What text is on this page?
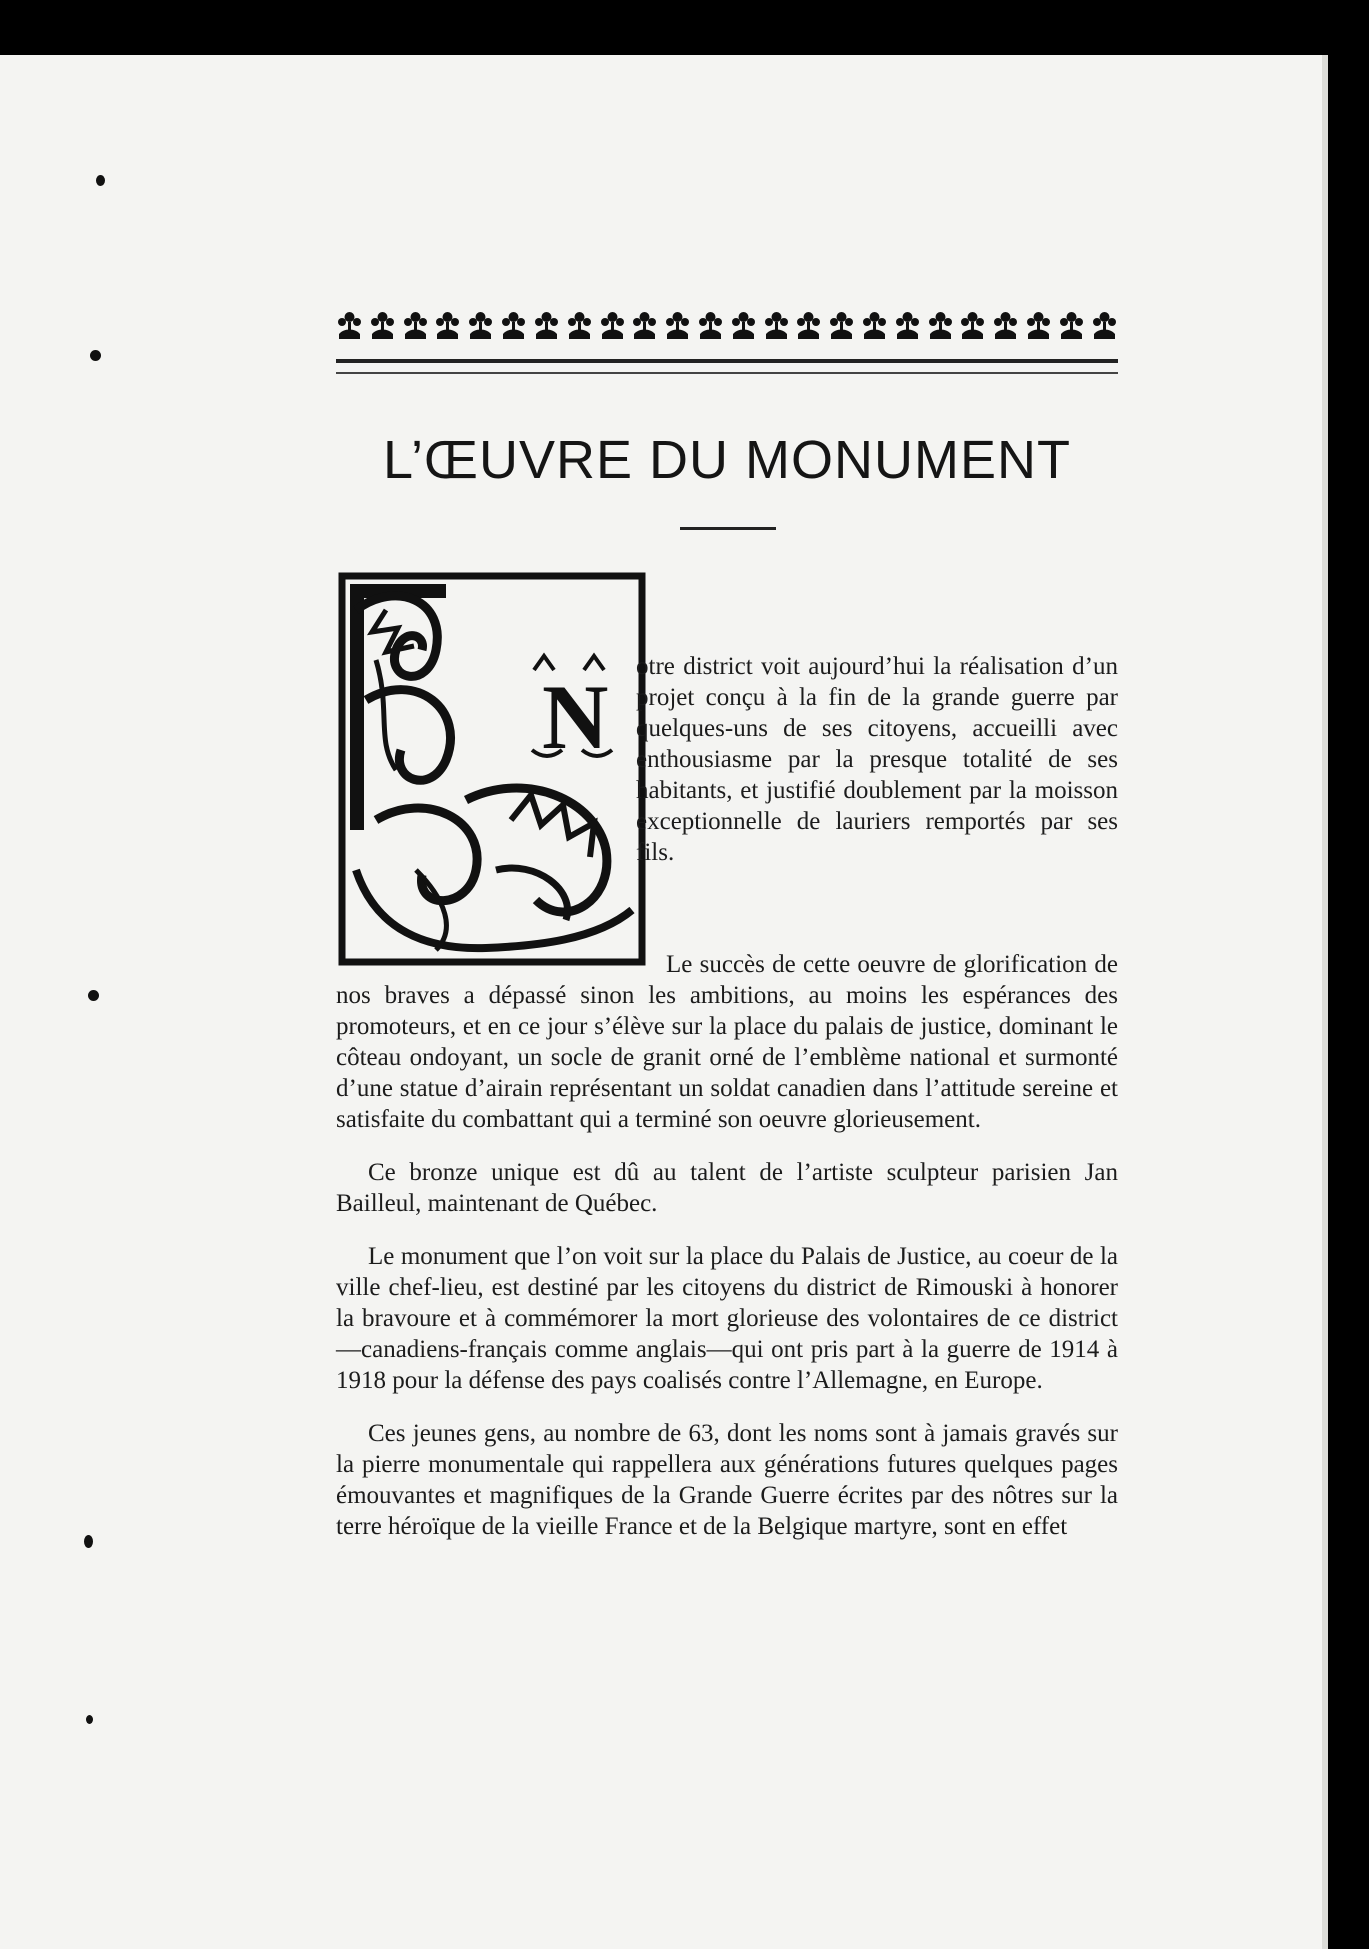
L’ŒUVRE DU MONUMENT
N otre district voit aujourd’hui la réalisation d’un projet conçu à la fin de la grande guerre par quelques-uns de ses citoyens, accueilli avec enthousiasme par la presque totalité de ses habitants, et justifié doublement par la moisson exceptionnelle de lauriers remportés par ses fils.

Le succès de cette oeuvre de glorification de nos braves a dépassé sinon les ambitions, au moins les espérances des promoteurs, et en ce jour s’élève sur la place du palais de justice, dominant le côteau ondoyant, un socle de granit orné de l’emblème national et surmonté d’une statue d’airain représentant un soldat canadien dans l’attitude sereine et satisfaite du combattant qui a terminé son oeuvre glorieusement.

Ce bronze unique est dû au talent de l’artiste sculpteur parisien Jan Bailleul, maintenant de Québec.

Le monument que l’on voit sur la place du Palais de Justice, au coeur de la ville chef-lieu, est destiné par les citoyens du district de Rimouski à honorer la bravoure et à commémorer la mort glorieuse des volontaires de ce district—canadiens-français comme anglais—qui ont pris part à la guerre de 1914 à 1918 pour la défense des pays coalisés contre l’Allemagne, en Europe.

Ces jeunes gens, au nombre de 63, dont les noms sont à jamais gravés sur la pierre monumentale qui rappellera aux générations futures quelques pages émouvantes et magnifiques de la Grande Guerre écrites par des nôtres sur la terre héroïque de la vieille France et de la Belgique martyre, sont en effet
